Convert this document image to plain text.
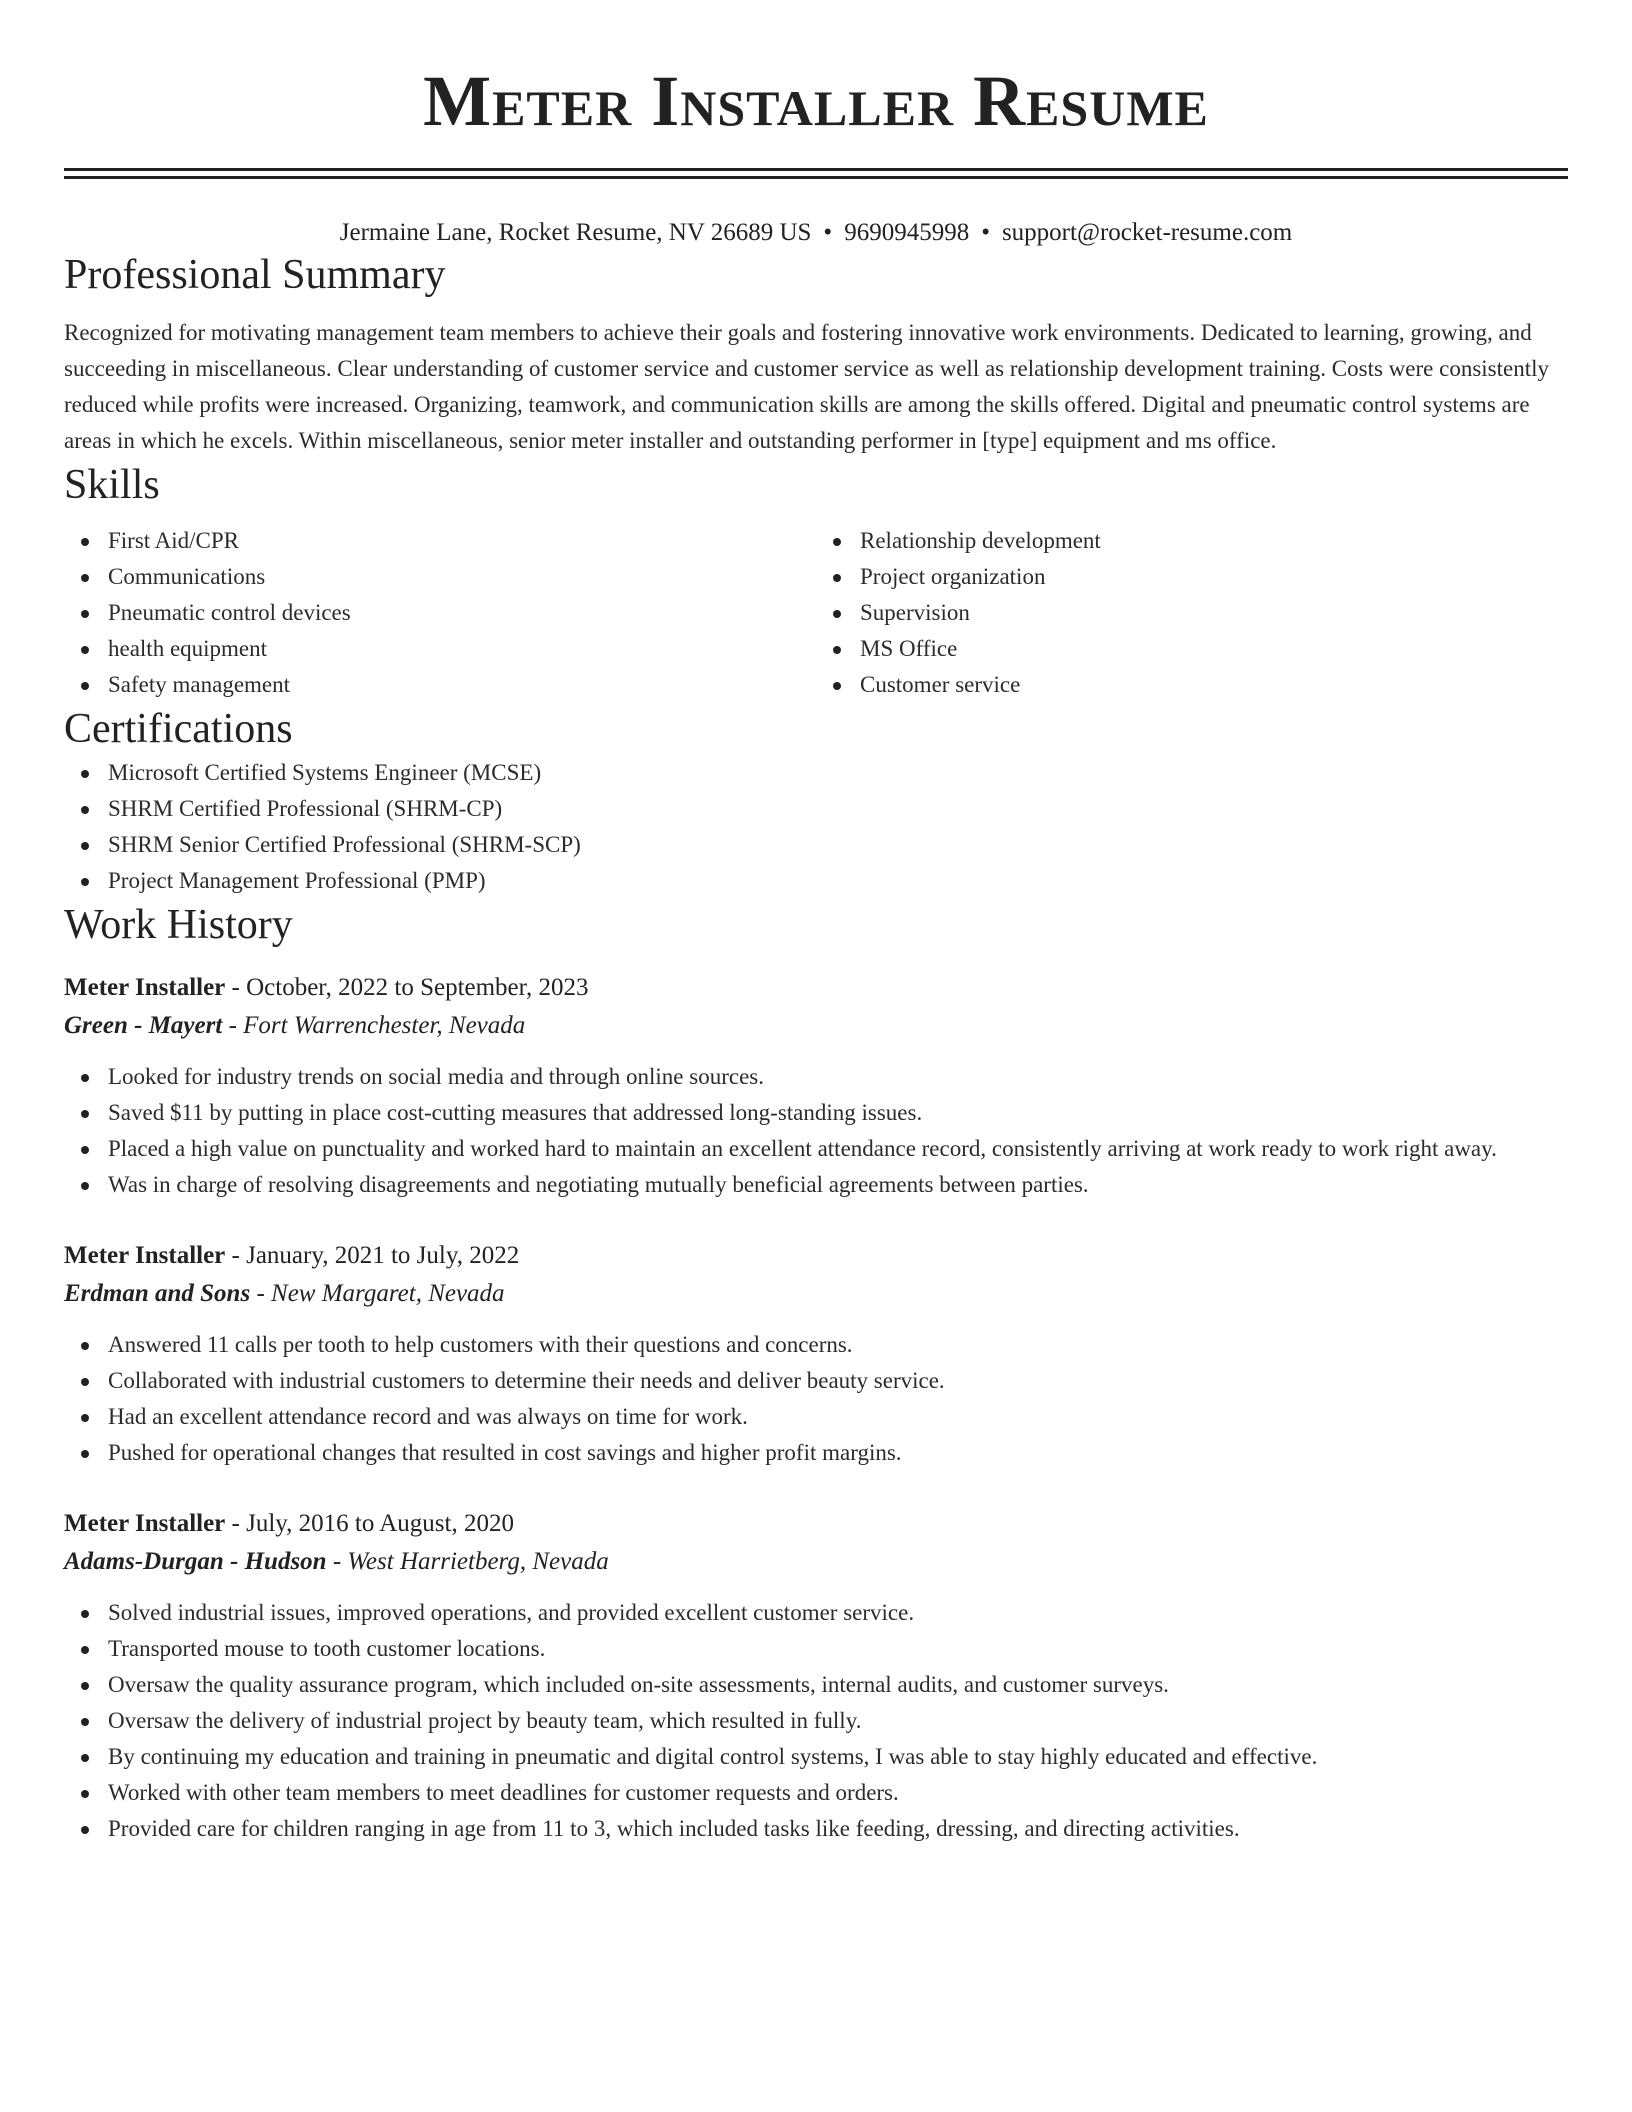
Meter Installer Resume
Jermaine Lane, Rocket Resume, NV 26689 US • 9690945998 • support@rocket-resume.com
Professional Summary

Recognized for motivating management team members to achieve their goals and fostering innovative work environments. Dedicated to learning, growing, and succeeding in miscellaneous. Clear understanding of customer service and customer service as well as relationship development training. Costs were consistently reduced while profits were increased. Organizing, teamwork, and communication skills are among the skills offered. Digital and pneumatic control systems are areas in which he excels. Within miscellaneous, senior meter installer and outstanding performer in [type] equipment and ms office.

Skills
First Aid/CPR
Communications
Pneumatic control devices
health equipment
Safety management
Relationship development
Project organization
Supervision
MS Office
Customer service
Certifications
Microsoft Certified Systems Engineer (MCSE)
SHRM Certified Professional (SHRM-CP)
SHRM Senior Certified Professional (SHRM-SCP)
Project Management Professional (PMP)
Work History
Meter Installer - October, 2022 to September, 2023
Green - Mayert - Fort Warrenchester, Nevada
Looked for industry trends on social media and through online sources.
Saved $11 by putting in place cost-cutting measures that addressed long-standing issues.
Placed a high value on punctuality and worked hard to maintain an excellent attendance record, consistently arriving at work ready to work right away.
Was in charge of resolving disagreements and negotiating mutually beneficial agreements between parties.
Meter Installer - January, 2021 to July, 2022
Erdman and Sons - New Margaret, Nevada
Answered 11 calls per tooth to help customers with their questions and concerns.
Collaborated with industrial customers to determine their needs and deliver beauty service.
Had an excellent attendance record and was always on time for work.
Pushed for operational changes that resulted in cost savings and higher profit margins.
Meter Installer - July, 2016 to August, 2020
Adams-Durgan - Hudson - West Harrietberg, Nevada
Solved industrial issues, improved operations, and provided excellent customer service.
Transported mouse to tooth customer locations.
Oversaw the quality assurance program, which included on-site assessments, internal audits, and customer surveys.
Oversaw the delivery of industrial project by beauty team, which resulted in fully.
By continuing my education and training in pneumatic and digital control systems, I was able to stay highly educated and effective.
Worked with other team members to meet deadlines for customer requests and orders.
Provided care for children ranging in age from 11 to 3, which included tasks like feeding, dressing, and directing activities.
